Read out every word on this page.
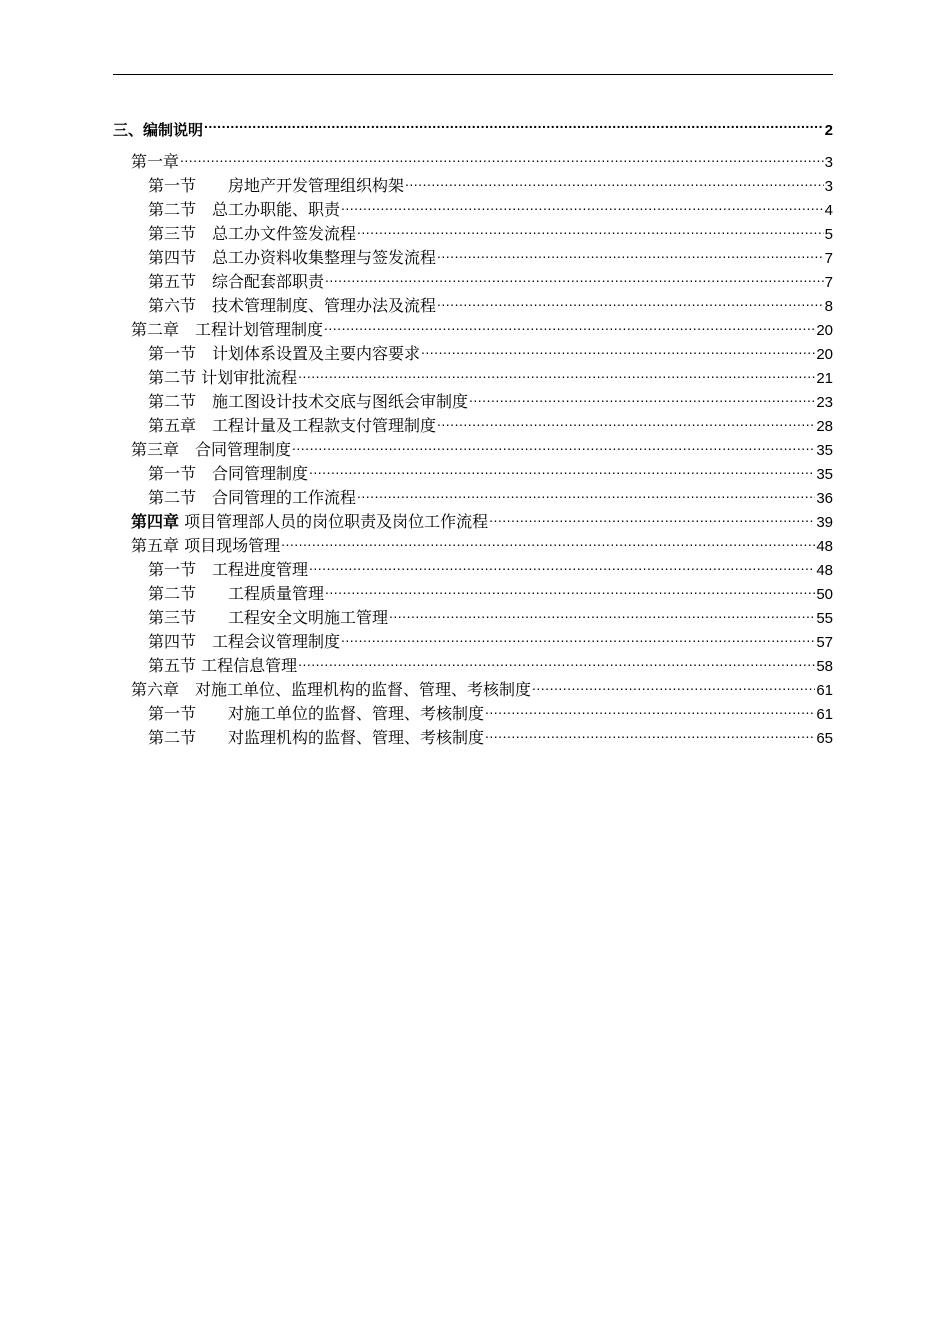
三、编制说明 .....	2
第一章 .....	3
第一节　　房地产开发管理组织构架 .....	3
第二节　总工办职能、职责 .....	4
第三节　总工办文件签发流程 .....	5
第四节　总工办资料收集整理与签发流程 .....	7
第五节　综合配套部职责 .....	7
第六节　技术管理制度、管理办法及流程 .....	8
第二章　工程计划管理制度 .....	20
第一节　计划体系设置及主要内容要求 .....	20
第二节 计划审批流程 .....	21
第二节　施工图设计技术交底与图纸会审制度 .....	23
第五章　工程计量及工程款支付管理制度 .....	28
第三章　合同管理制度 .....	35
第一节　合同管理制度 .....	35
第二节　合同管理的工作流程 .....	36
第四章 项目管理部人员的岗位职责及岗位工作流程 .....	39
第五章 项目现场管理 .....	48
第一节　工程进度管理 .....	48
第二节　　工程质量管理 .....	50
第三节　　工程安全文明施工管理 .....	55
第四节　工程会议管理制度 .....	57
第五节 工程信息管理 .....	58
第六章　对施工单位、监理机构的监督、管理、考核制度 .....	61
第一节　　对施工单位的监督、管理、考核制度 .....	61
第二节　　对监理机构的监督、管理、考核制度 .....	65
